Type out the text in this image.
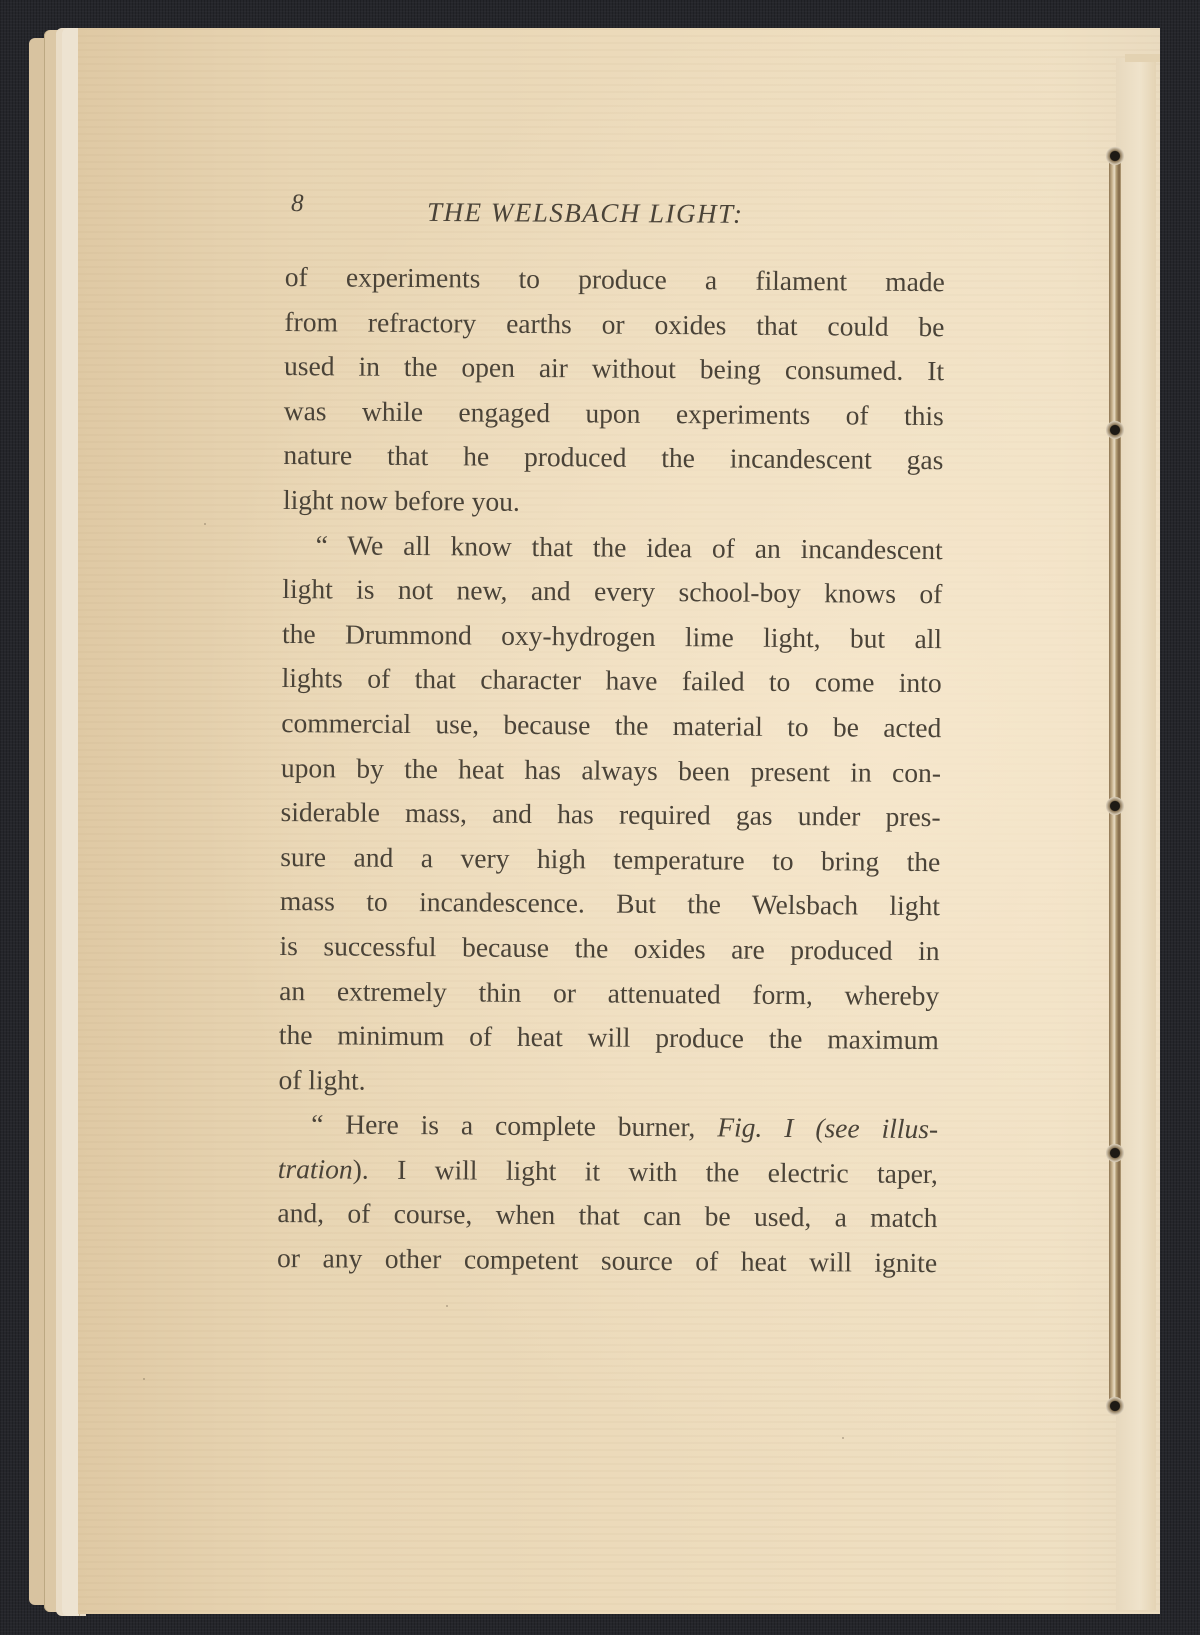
8	THE WELSBACH LIGHT:
of experiments to produce a filament made
from refractory earths or oxides that could be
used in the open air without being consumed. It
was while engaged upon experiments of this
nature that he produced the incandescent gas
light now before you.
“ We all know that the idea of an incandescent
light is not new, and every school-boy knows of
the Drummond oxy-hydrogen lime light, but all
lights of that character have failed to come into
commercial use, because the material to be acted
upon by the heat has always been present in con-
siderable mass, and has required gas under pres-
sure and a very high temperature to bring the
mass to incandescence. But the Welsbach light
is successful because the oxides are produced in
an extremely thin or attenuated form, whereby
the minimum of heat will produce the maximum
of light.
“ Here is a complete burner, Fig. I (see illus-
tration). I will light it with the electric taper,
and, of course, when that can be used, a match
or any other competent source of heat will ignite
